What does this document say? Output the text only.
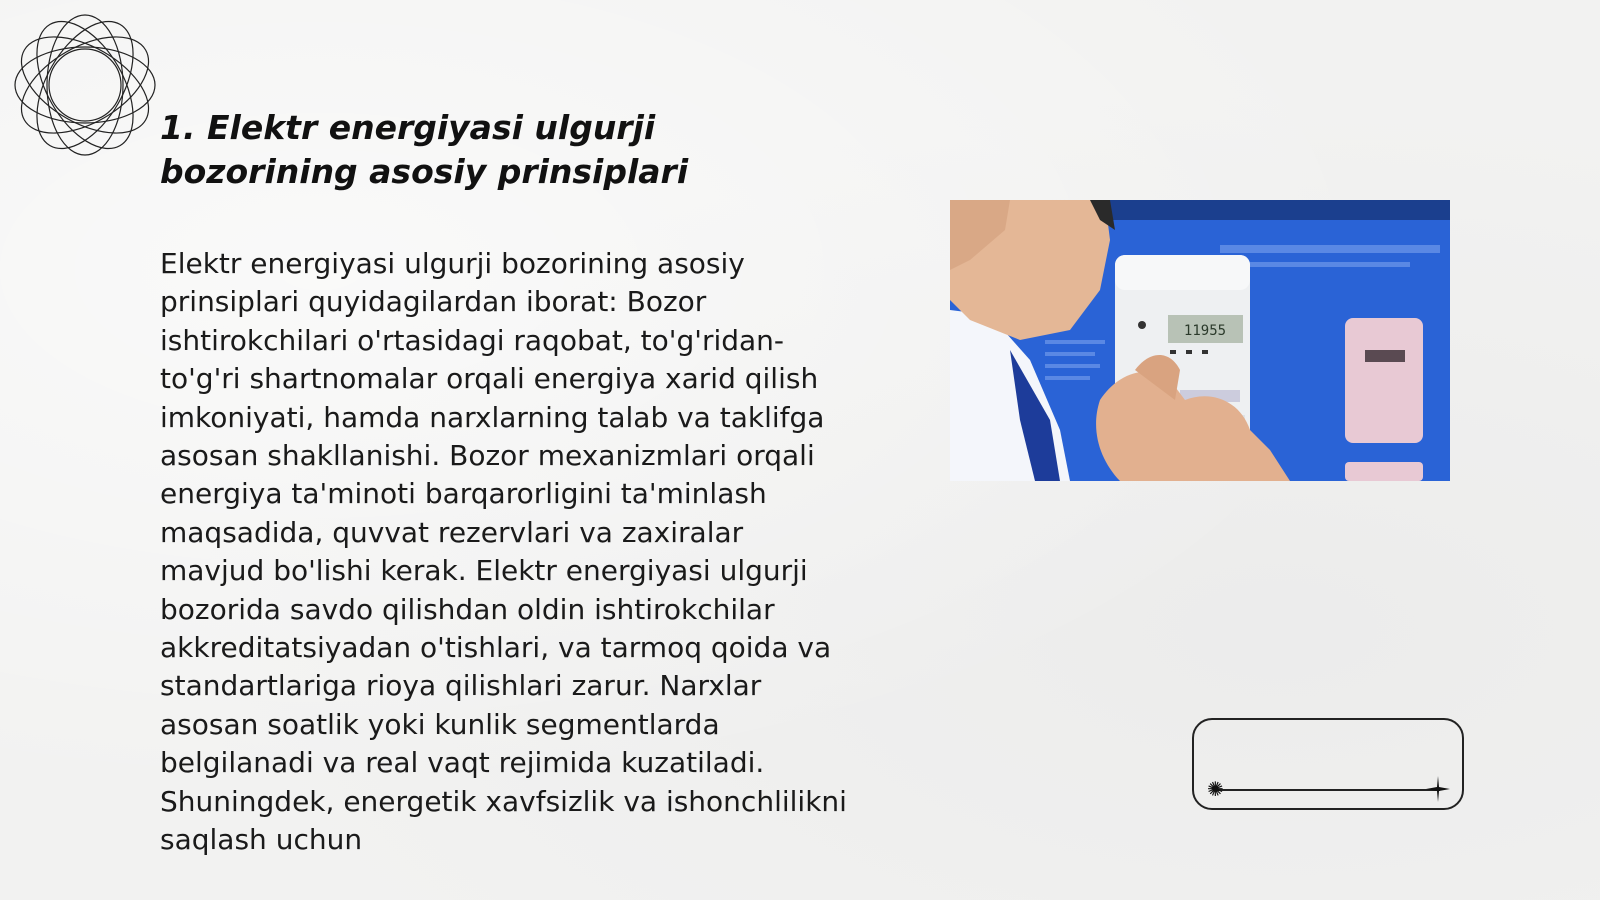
1. Elektr energiyasi ulgurji bozorining asosiy prinsiplari

Elektr energiyasi ulgurji bozorining asosiy prinsiplari quyidagilardan iborat: Bozor ishtirokchilari o'rtasidagi raqobat, to'g'ridan-to'g'ri shartnomalar orqali energiya xarid qilish imkoniyati, hamda narxlarning talab va taklifga asosan shakllanishi. Bozor mexanizmlari orqali energiya ta'minoti barqarorligini ta'minlash maqsadida, quvvat rezervlari va zaxiralar mavjud bo'lishi kerak. Elektr energiyasi ulgurji bozorida savdo qilishdan oldin ishtirokchilar akkreditatsiyadan o'tishlari, va tarmoq qoida va standartlariga rioya qilishlari zarur. Narxlar asosan soatlik yoki kunlik segmentlarda belgilanadi va real vaqt rejimida kuzatiladi. Shuningdek, energetik xavfsizlik va ishonchlilikni saqlash uchun

11955
✺
